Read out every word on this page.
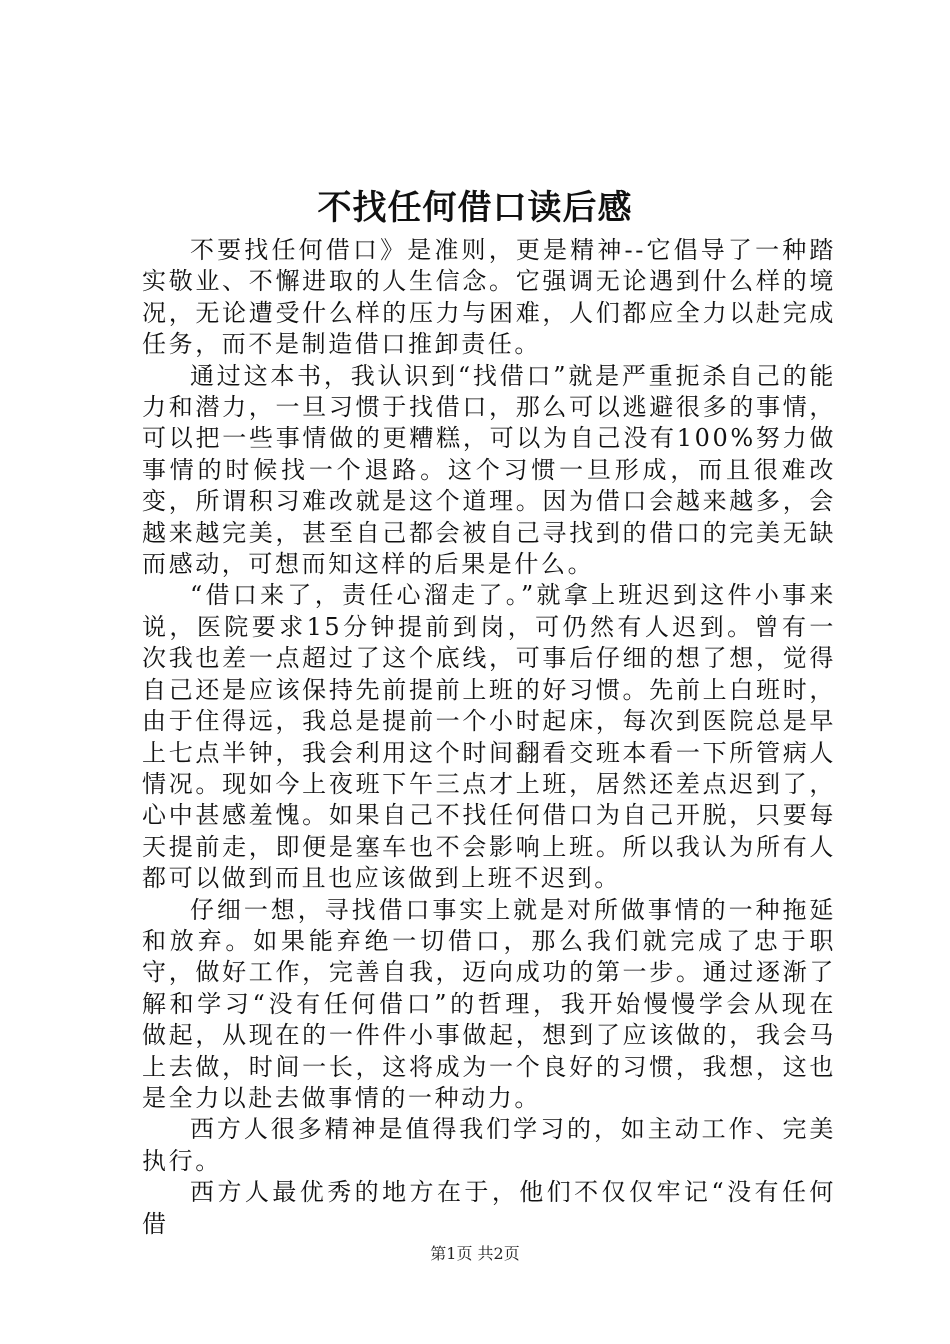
不找任何借口读后感

不要找任何借口》是准则，更是精神--它倡导了一种踏实敬业、不懈进取的人生信念。它强调无论遇到什么样的境况，无论遭受什么样的压力与困难，人们都应全力以赴完成任务，而不是制造借口推卸责任。

通过这本书，我认识到“找借口”就是严重扼杀自己的能力和潜力，一旦习惯于找借口，那么可以逃避很多的事情，可以把一些事情做的更糟糕，可以为自己没有100%努力做事情的时候找一个退路。这个习惯一旦形成，而且很难改变，所谓积习难改就是这个道理。因为借口会越来越多，会越来越完美，甚至自己都会被自己寻找到的借口的完美无缺而感动，可想而知这样的后果是什么。

“借口来了，责任心溜走了。”就拿上班迟到这件小事来说，医院要求15分钟提前到岗，可仍然有人迟到。曾有一次我也差一点超过了这个底线，可事后仔细的想了想，觉得自己还是应该保持先前提前上班的好习惯。先前上白班时，由于住得远，我总是提前一个小时起床，每次到医院总是早上七点半钟，我会利用这个时间翻看交班本看一下所管病人情况。现如今上夜班下午三点才上班，居然还差点迟到了，心中甚感羞愧。如果自己不找任何借口为自己开脱，只要每天提前走，即便是塞车也不会影响上班。所以我认为所有人都可以做到而且也应该做到上班不迟到。

仔细一想，寻找借口事实上就是对所做事情的一种拖延和放弃。如果能弃绝一切借口，那么我们就完成了忠于职守，做好工作，完善自我，迈向成功的第一步。通过逐渐了解和学习“没有任何借口”的哲理，我开始慢慢学会从现在做起，从现在的一件件小事做起，想到了应该做的，我会马上去做，时间一长，这将成为一个良好的习惯，我想，这也是全力以赴去做事情的一种动力。

西方人很多精神是值得我们学习的，如主动工作、完美执行。

西方人最优秀的地方在于，他们不仅仅牢记“没有任何借

第1页 共2页
